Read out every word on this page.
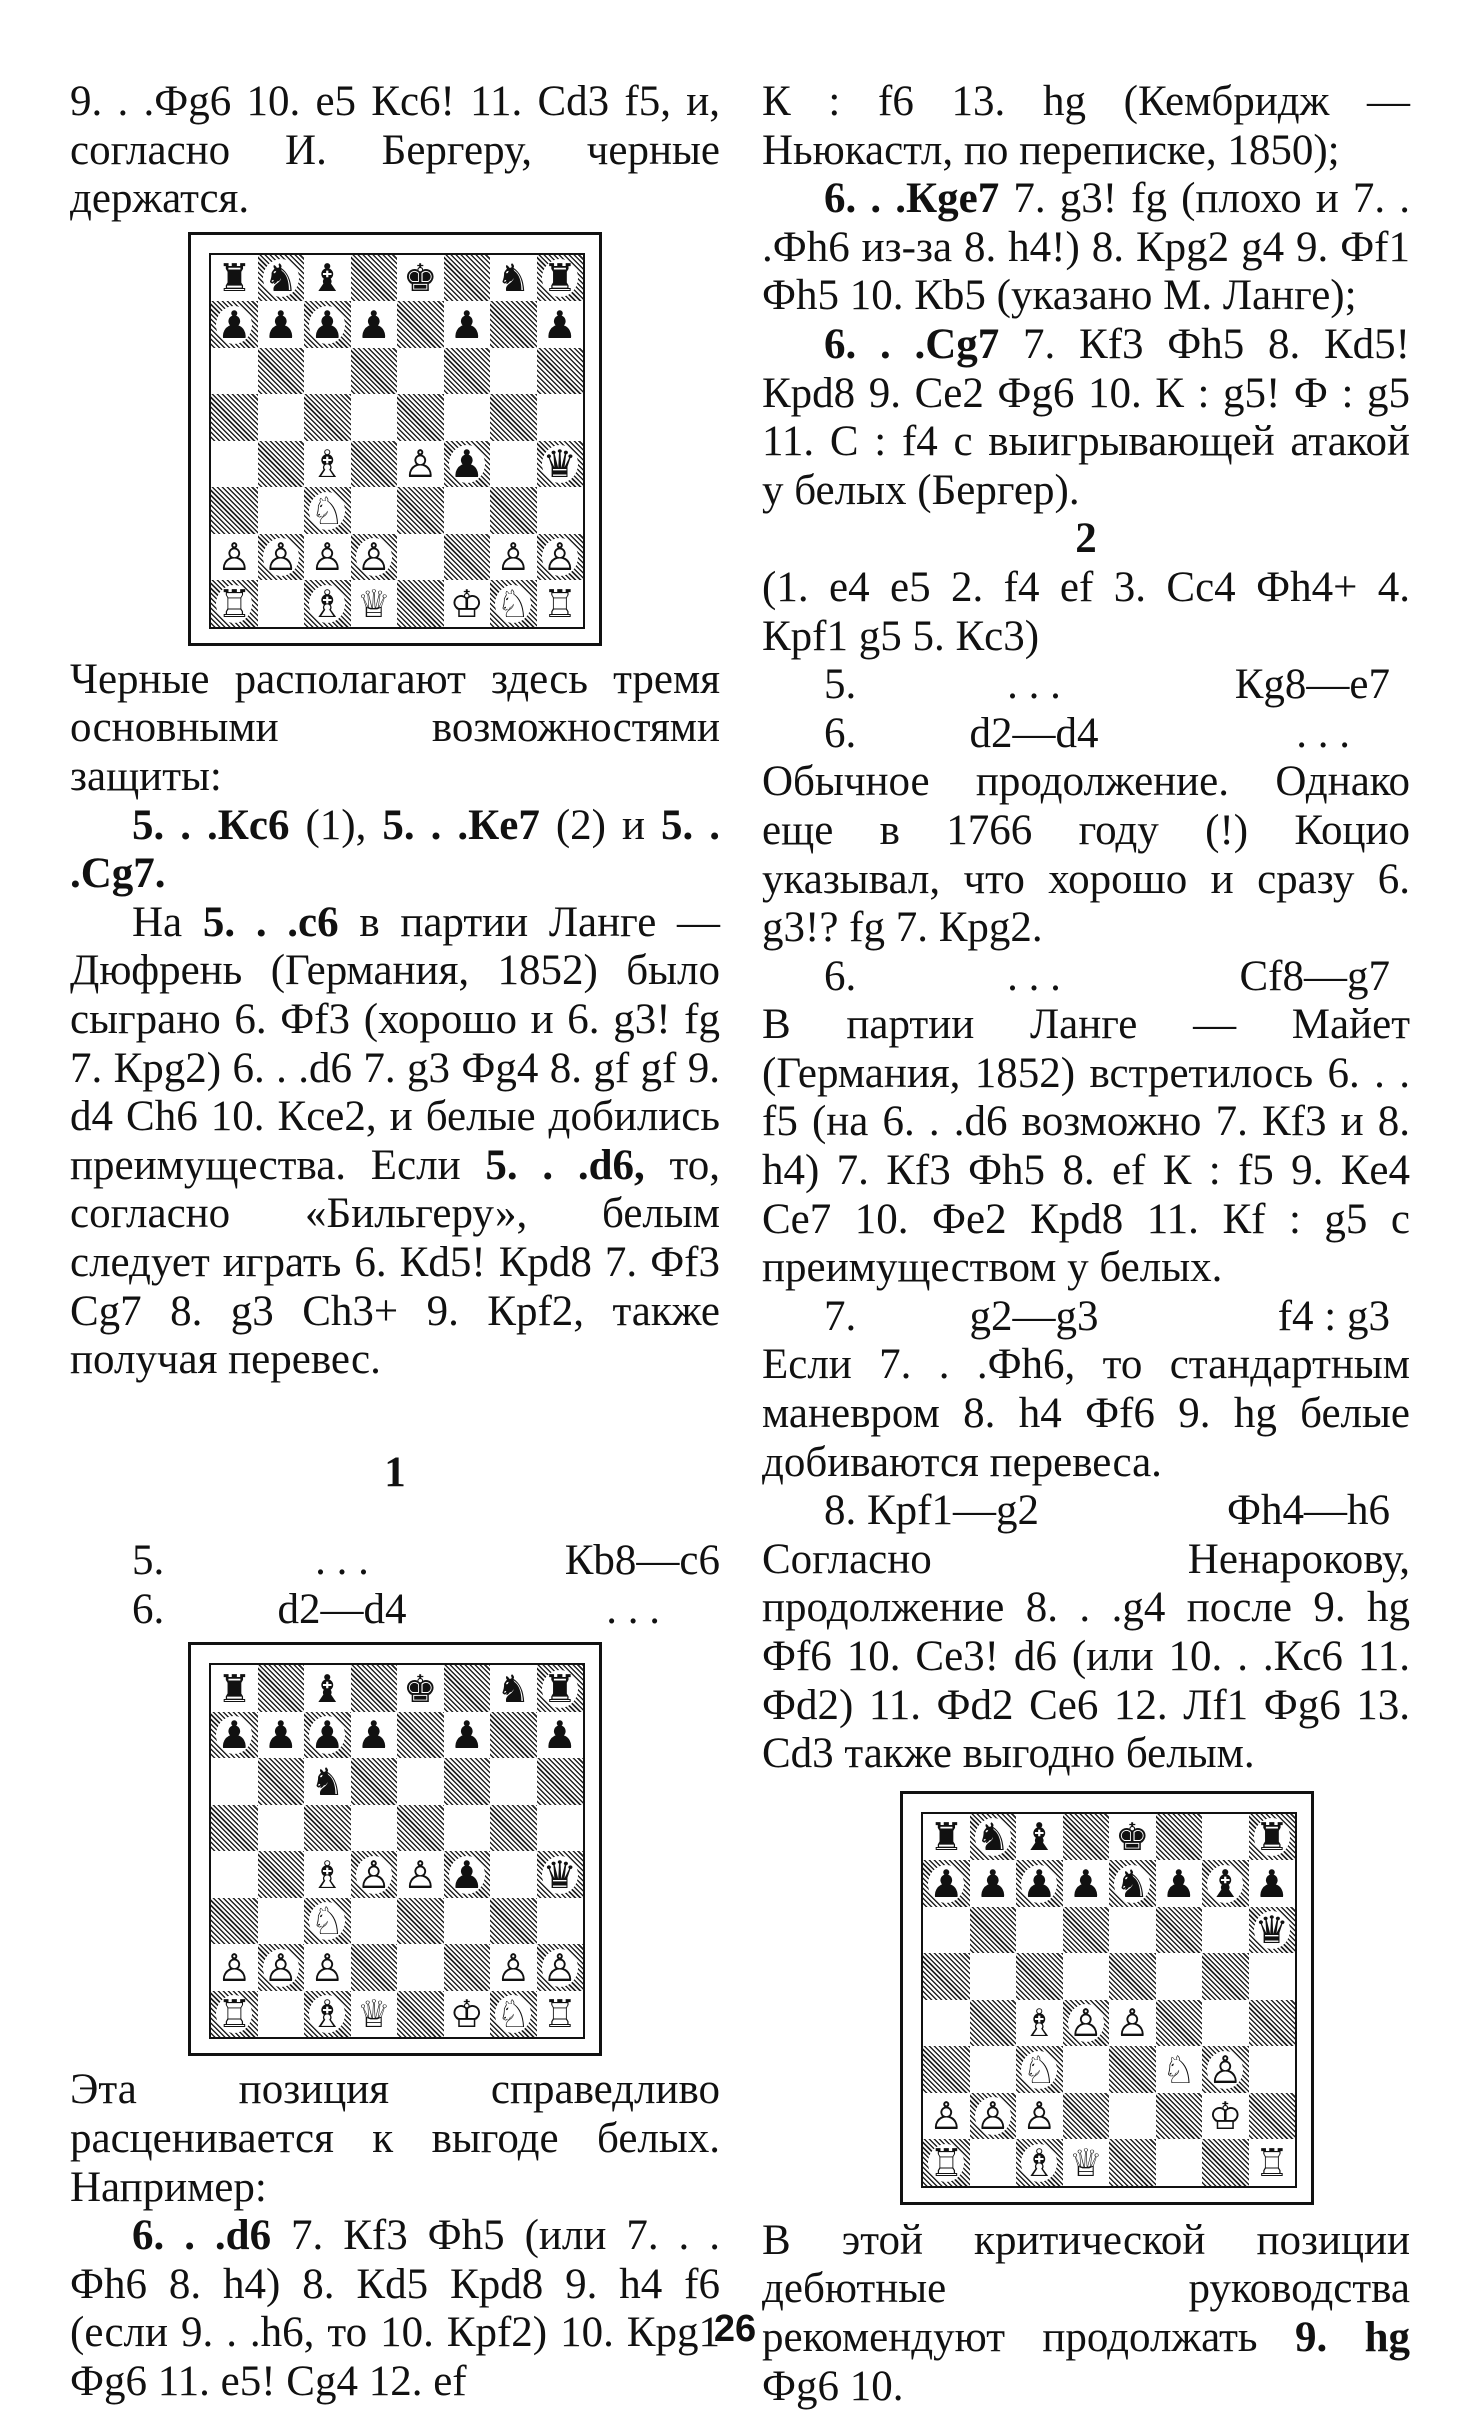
9. . .Фg6 10. e5 Кc6! 11. Cd3 f5, и, согласно И. Бергеру, черные держатся.

♜ ♞ ♝ ♚ ♞ ♜
♟ ♟ ♟ ♟ ♟ ♟
♗ ♙ ♟ ♛
♘
♙ ♙ ♙ ♙	♙ ♙
♖ ♗ ♕ ♔ ♘ ♖

Черные располагают здесь тремя основными возможностями защиты:

5. . .Кc6 (1), 5. . .Кe7 (2) и 5. . .Cg7.

На 5. . .c6 в партии Ланге — Дюфрень (Германия, 1852) было сыграно 6. Фf3 (хорошо и 6. g3! fg 7. Кpg2) 6. . .d6 7. g3 Фg4 8. gf gf 9. d4 Ch6 10. Кce2, и белые добились преимущества. Если 5. . .d6, то, согласно «Бильгеру», белым следует играть 6. Кd5! Кpd8 7. Фf3 Cg7 8. g3 Ch3+ 9. Кpf2, также получая перевес.

1

5.	. . .	Кb8—c6
6.	d2—d4	. . .
♜ ♝ ♚ ♞ ♜
♟ ♟ ♟ ♟ ♟ ♟
♞
♗ ♙ ♙ ♟ ♛
♘
♙ ♙ ♙	♙ ♙
♖ ♗ ♕ ♔ ♘ ♖

Эта позиция справедливо расценивается к выгоде белых. Например:

6. . .d6 7. Кf3 Фh5 (или 7. . . Фh6 8. h4) 8. Кd5 Кpd8 9. h4 f6 (если 9. . .h6, то 10. Кpf2) 10. Кpg1 Фg6 11. e5! Cg4 12. ef

К : f6 13. hg (Кембридж — Ньюкастл, по переписке, 1850);

6. . .Кge7 7. g3! fg (плохо и 7. . .Фh6 из-за 8. h4!) 8. Кpg2 g4 9. Фf1 Фh5 10. Кb5 (указано М. Ланге);

6. . .Cg7 7. Кf3 Фh5 8. Кd5! Кpd8 9. Ce2 Фg6 10. К : g5! Ф : g5 11. С : f4 с выигрывающей атакой у белых (Бергер).

2

(1. e4 e5 2. f4 ef 3. Cc4 Фh4+ 4. Кpf1 g5 5. Кc3)

5.	. . .	Кg8—e7
6.	d2—d4	. . .

Обычное продолжение. Однако еще в 1766 году (!) Коцио указывал, что хорошо и сразу 6. g3!? fg 7. Кpg2.

6.	. . .	Cf8—g7

В партии Ланге — Майет (Германия, 1852) встретилось 6. . . f5 (на 6. . .d6 возможно 7. Кf3 и 8. h4) 7. Кf3 Фh5 8. ef К : f5 9. Кe4 Ce7 10. Фe2 Кpd8 11. Кf : g5 с преимуществом у белых.

7.	g2—g3	f4 : g3

Если 7. . .Фh6, то стандартным маневром 8. h4 Фf6 9. hg белые добиваются перевеса.

8. Кpf1—g2	Фh4—h6

Согласно Ненарокову, продолжение 8. . .g4 после 9. hg Фf6 10. Ce3! d6 (или 10. . .Кc6 11. Фd2) 11. Фd2 Ce6 12. Лf1 Фg6 13. Cd3 также выгодно белым.

♜ ♞ ♝ ♚	♜
♟ ♟ ♟ ♟ ♞ ♟ ♝ ♟
♛
♗ ♙ ♙
♘	♘ ♙
♙ ♙ ♙	♔
♖ ♗ ♕	♖

В этой критической позиции дебютные руководства рекомендуют продолжать 9. hg Фg6 10.

26
